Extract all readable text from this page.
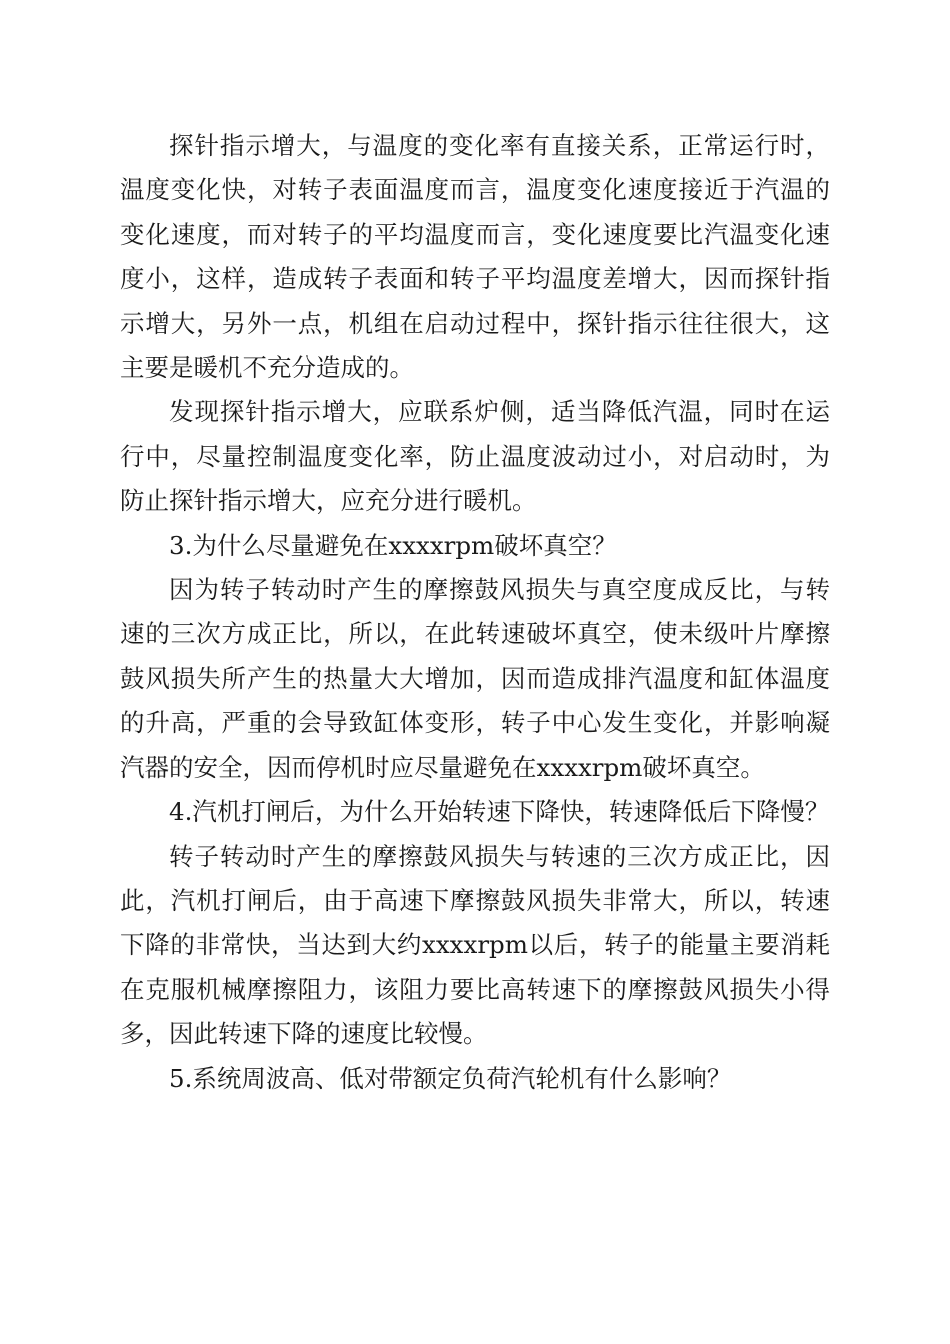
探针指示增大，与温度的变化率有直接关系，正常运行时，温度变化快，对转子表面温度而言，温度变化速度接近于汽温的变化速度，而对转子的平均温度而言，变化速度要比汽温变化速度小，这样，造成转子表面和转子平均温度差增大，因而探针指示增大，另外一点，机组在启动过程中，探针指示往往很大，这主要是暖机不充分造成的。

发现探针指示增大，应联系炉侧，适当降低汽温，同时在运行中，尽量控制温度变化率，防止温度波动过小，对启动时，为防止探针指示增大，应充分进行暖机。

3.为什么尽量避免在xxxxrpm破坏真空？

因为转子转动时产生的摩擦鼓风损失与真空度成反比，与转速的三次方成正比，所以，在此转速破坏真空，使未级叶片摩擦鼓风损失所产生的热量大大增加，因而造成排汽温度和缸体温度的升高，严重的会导致缸体变形，转子中心发生变化，并影响凝汽器的安全，因而停机时应尽量避免在xxxxrpm破坏真空。

4.汽机打闸后，为什么开始转速下降快，转速降低后下降慢？

转子转动时产生的摩擦鼓风损失与转速的三次方成正比，因此，汽机打闸后，由于高速下摩擦鼓风损失非常大，所以，转速下降的非常快，当达到大约xxxxrpm以后，转子的能量主要消耗在克服机械摩擦阻力，该阻力要比高转速下的摩擦鼓风损失小得多，因此转速下降的速度比较慢。

5.系统周波高、低对带额定负荷汽轮机有什么影响？
